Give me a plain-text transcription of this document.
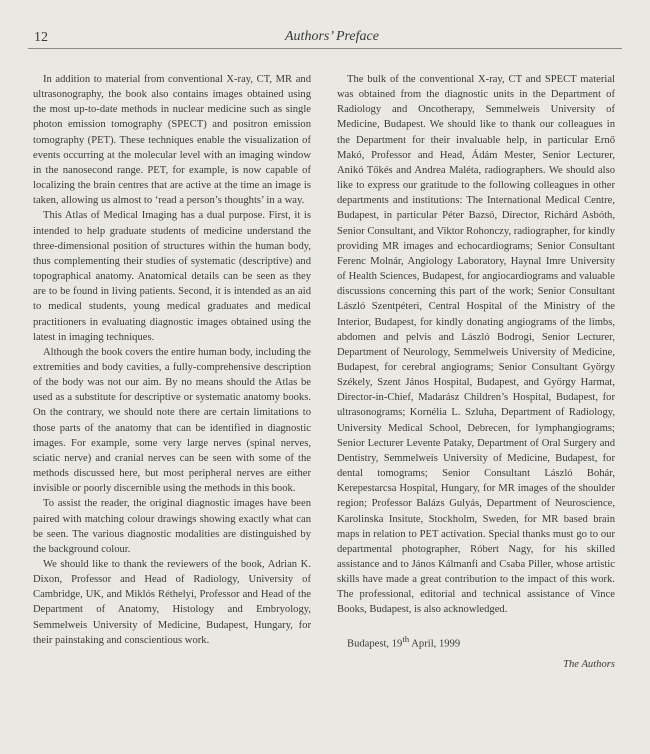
12	Authors’ Preface

In addition to material from conventional X-ray, CT, MR and ultrasonography, the book also contains images obtained using the most up-to-date methods in nuclear medicine such as single photon emission tomography (SPECT) and positron emission tomography (PET). These techniques enable the visualization of events occurring at the molecular level with an imaging window in the nanosecond range. PET, for example, is now capable of localizing the brain centres that are active at the time an image is taken, allowing us almost to ‘read a person’s thoughts’ in a way.

This Atlas of Medical Imaging has a dual purpose. First, it is intended to help graduate students of medicine understand the three-dimensional position of structures within the human body, thus complementing their studies of systematic (descriptive) and topographical anatomy. Anatomical details can be seen as they are to be found in living patients. Second, it is intended as an aid to medical students, young medical graduates and medical practitioners in evaluating diagnostic images obtained using the latest in imaging techniques.

Although the book covers the entire human body, including the extremities and body cavities, a fully-comprehensive description of the body was not our aim. By no means should the Atlas be used as a substitute for descriptive or systematic anatomy books. On the contrary, we should note there are certain limitations to those parts of the anatomy that can be identified in diagnostic images. For example, some very large nerves (spinal nerves, sciatic nerve) and cranial nerves can be seen with some of the methods discussed here, but most peripheral nerves are either invisible or poorly discernible using the methods in this book.

To assist the reader, the original diagnostic images have been paired with matching colour drawings showing exactly what can be seen. The various diagnostic modalities are distinguished by the background colour.

We should like to thank the reviewers of the book, Adrian K. Dixon, Professor and Head of Radiology, University of Cambridge, UK, and Miklós Réthelyi, Professor and Head of the Department of Anatomy, Histology and Embryology, Semmelweis University of Medicine, Budapest, Hungary, for their painstaking and conscientious work.

The bulk of the conventional X-ray, CT and SPECT material was obtained from the diagnostic units in the Department of Radiology and Oncotherapy, Semmelweis University of Medicine, Budapest. We should like to thank our colleagues in the Department for their invaluable help, in particular Ernő Makó, Professor and Head, Ádám Mester, Senior Lecturer, Anikó Tőkés and Andrea Maléta, radiographers. We should also like to express our gratitude to the following colleagues in other departments and institutions: The International Medical Centre, Budapest, in particular Péter Bazsó, Director, Richárd Asbóth, Senior Consultant, and Viktor Rohonczy, radiographer, for kindly providing MR images and echocardiograms; Senior Consultant Ferenc Molnár, Angiology Laboratory, Haynal Imre University of Health Sciences, Budapest, for angiocardiograms and valuable discussions concerning this part of the work; Senior Consultant László Szentpéteri, Central Hospital of the Ministry of the Interior, Budapest, for kindly donating angiograms of the limbs, abdomen and pelvis and László Bodrogi, Senior Lecturer, Department of Neurology, Semmelweis University of Medicine, Budapest, for cerebral angiograms; Senior Consultant György Székely, Szent János Hospital, Budapest, and György Harmat, Director-in-Chief, Madarász Children’s Hospital, Budapest, for ultrasonograms; Kornélia L. Szluha, Department of Radiology, University Medical School, Debrecen, for lymphangiograms; Senior Lecturer Levente Pataky, Department of Oral Surgery and Dentistry, Semmelweis University of Medicine, Budapest, for dental tomograms; Senior Consultant László Bohár, Kerepestarcsa Hospital, Hungary, for MR images of the shoulder region; Professor Balázs Gulyás, Department of Neuroscience, Karolinska Insitute, Stockholm, Sweden, for MR based brain maps in relation to PET activation. Special thanks must go to our departmental photographer, Róbert Nagy, for his skilled assistance and to János Kálmanfi and Csaba Piller, whose artistic skills have made a great contribution to the impact of this work. The professional, editorial and technical assistance of Vince Books, Budapest, is also acknowledged.

Budapest, 19th April, 1999

The Authors
